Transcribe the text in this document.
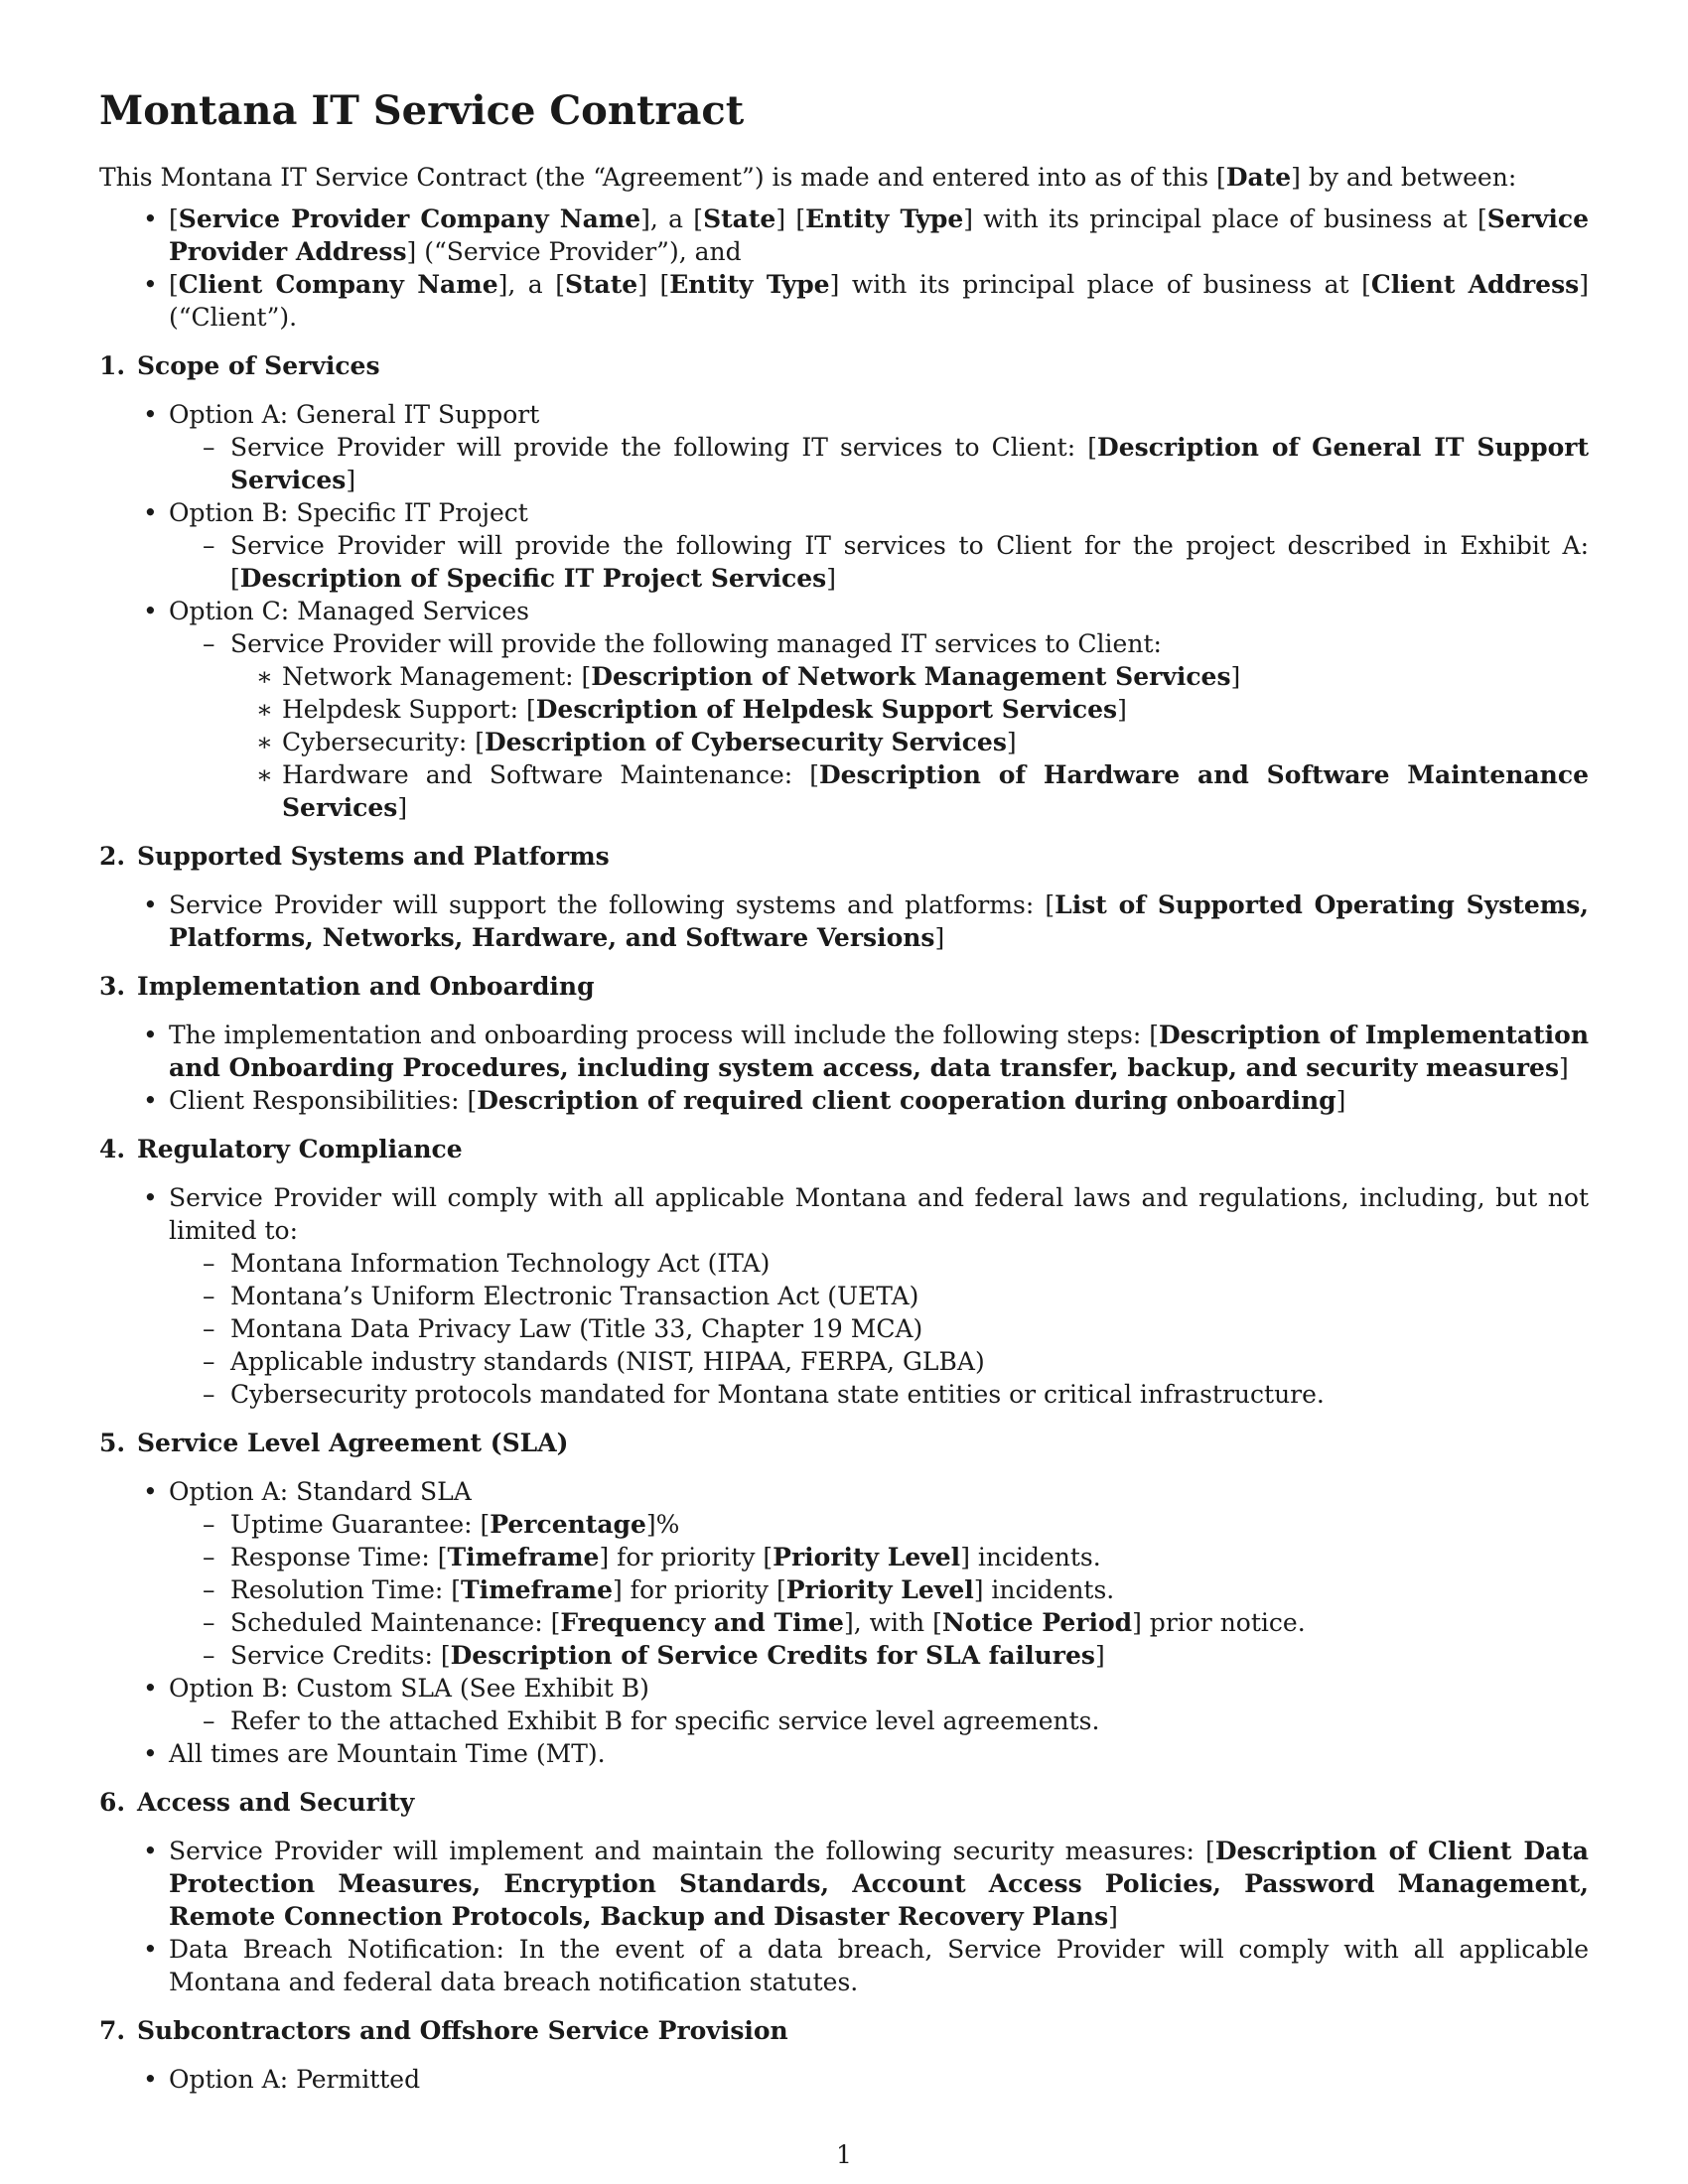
Montana IT Service Contract

This Montana IT Service Contract (the “Agreement”) is made and entered into as of this [Date] by and between:

• [Service Provider Company Name], a [State] [Entity Type] with its principal place of business at [Service Provider Address] (“Service Provider”), and
• [Client Company Name], a [State] [Entity Type] with its principal place of business at [Client Address] (“Client”).
1. Scope of Services
• Option A: General IT Support
– Service Provider will provide the following IT services to Client: [Description of General IT Support Services]
• Option B: Specific IT Project
– Service Provider will provide the following IT services to Client for the project described in Exhibit A: [Description of Specific IT Project Services]
• Option C: Managed Services
– Service Provider will provide the following managed IT services to Client:
∗ Network Management: [Description of Network Management Services]
∗ Helpdesk Support: [Description of Helpdesk Support Services]
∗ Cybersecurity: [Description of Cybersecurity Services]
∗ Hardware and Software Maintenance: [Description of Hardware and Software Maintenance Services]
2. Supported Systems and Platforms
• Service Provider will support the following systems and platforms: [List of Supported Operating Systems, Platforms, Networks, Hardware, and Software Versions]
3. Implementation and Onboarding
• The implementation and onboarding process will include the following steps: [Description of Implementation and Onboarding Procedures, including system access, data transfer, backup, and security measures]
• Client Responsibilities: [Description of required client cooperation during onboarding]
4. Regulatory Compliance
• Service Provider will comply with all applicable Montana and federal laws and regulations, including, but not limited to:
– Montana Information Technology Act (ITA)
– Montana’s Uniform Electronic Transaction Act (UETA)
– Montana Data Privacy Law (Title 33, Chapter 19 MCA)
– Applicable industry standards (NIST, HIPAA, FERPA, GLBA)
– Cybersecurity protocols mandated for Montana state entities or critical infrastructure.
5. Service Level Agreement (SLA)
• Option A: Standard SLA
– Uptime Guarantee: [Percentage]%
– Response Time: [Timeframe] for priority [Priority Level] incidents.
– Resolution Time: [Timeframe] for priority [Priority Level] incidents.
– Scheduled Maintenance: [Frequency and Time], with [Notice Period] prior notice.
– Service Credits: [Description of Service Credits for SLA failures]
• Option B: Custom SLA (See Exhibit B)
– Refer to the attached Exhibit B for specific service level agreements.
• All times are Mountain Time (MT).
6. Access and Security
• Service Provider will implement and maintain the following security measures: [Description of Client Data Protection Measures, Encryption Standards, Account Access Policies, Password Management, Remote Connection Protocols, Backup and Disaster Recovery Plans]
• Data Breach Notification: In the event of a data breach, Service Provider will comply with all applicable Montana and federal data breach notification statutes.
7. Subcontractors and Offshore Service Provision
• Option A: Permitted
1
